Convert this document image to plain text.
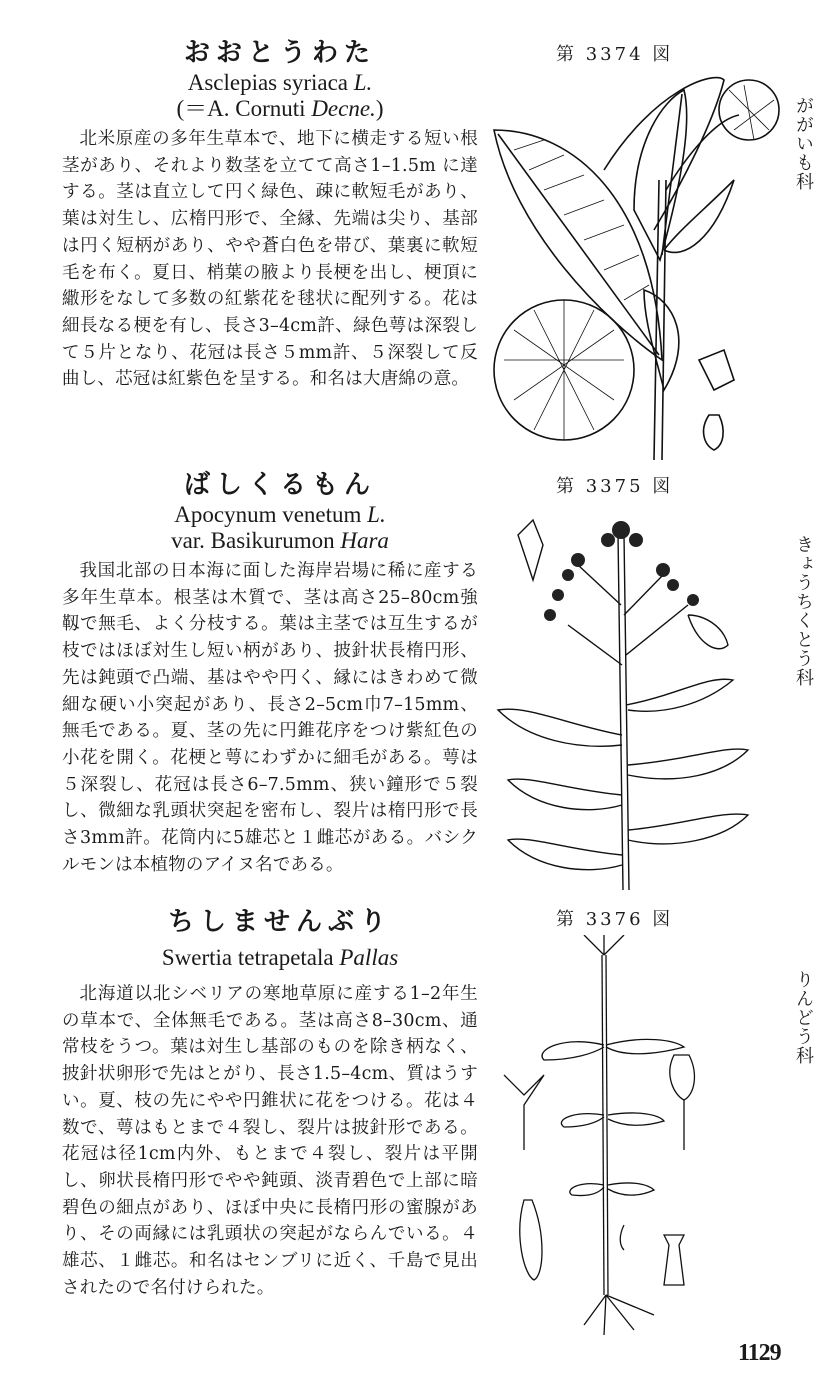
おおとうわた
Asclepias syriaca L.
(＝A. Cornuti Decne.)

北米原産の多年生草本で、地下に横走する短い根茎があり、それより数茎を立てて高さ1–1.5m に達する。茎は直立して円く緑色、疎に軟短毛があり、葉は対生し、広楕円形で、全縁、先端は尖り、基部は円く短柄があり、やや蒼白色を帯び、葉裏に軟短毛を布く。夏日、梢葉の腋より長梗を出し、梗頂に繖形をなして多数の紅紫花を毬状に配列する。花は細長なる梗を有し、長さ3–4cm許、緑色萼は深裂して５片となり、花冠は長さ５mm許、５深裂して反曲し、芯冠は紅紫色を呈する。和名は大唐綿の意。

第 3374 図
ががいも科
ばしくるもん
Apocynum venetum L.
var. Basikurumon Hara

我国北部の日本海に面した海岸岩場に稀に産する多年生草本。根茎は木質で、茎は高さ25–80cm強靱で無毛、よく分枝する。葉は主茎では互生するが枝ではほぼ対生し短い柄があり、披針状長楕円形、先は鈍頭で凸端、基はやや円く、縁にはきわめて微細な硬い小突起があり、長さ2–5cm巾7–15mm、無毛である。夏、茎の先に円錐花序をつけ紫紅色の小花を開く。花梗と萼にわずかに細毛がある。萼は５深裂し、花冠は長さ6–7.5mm、狭い鐘形で５裂し、微細な乳頭状突起を密布し、裂片は楕円形で長さ3mm許。花筒内に5雄芯と１雌芯がある。バシクルモンは本植物のアイヌ名である。

第 3375 図
きょうちくとう科
ちしませんぶり
Swertia tetrapetala Pallas

北海道以北シベリアの寒地草原に産する1–2年生の草本で、全体無毛である。茎は高さ8–30cm、通常枝をうつ。葉は対生し基部のものを除き柄なく、披針状卵形で先はとがり、長さ1.5–4cm、質はうすい。夏、枝の先にやや円錐状に花をつける。花は４数で、萼はもとまで４裂し、裂片は披針形である。花冠は径1cm内外、もとまで４裂し、裂片は平開し、卵状長楕円形でやや鈍頭、淡青碧色で上部に暗碧色の細点があり、ほぼ中央に長楕円形の蜜腺があり、その両縁には乳頭状の突起がならんでいる。４雄芯、１雌芯。和名はセンブリに近く、千島で見出されたので名付けられた。

第 3376 図
りんどう科
1129
